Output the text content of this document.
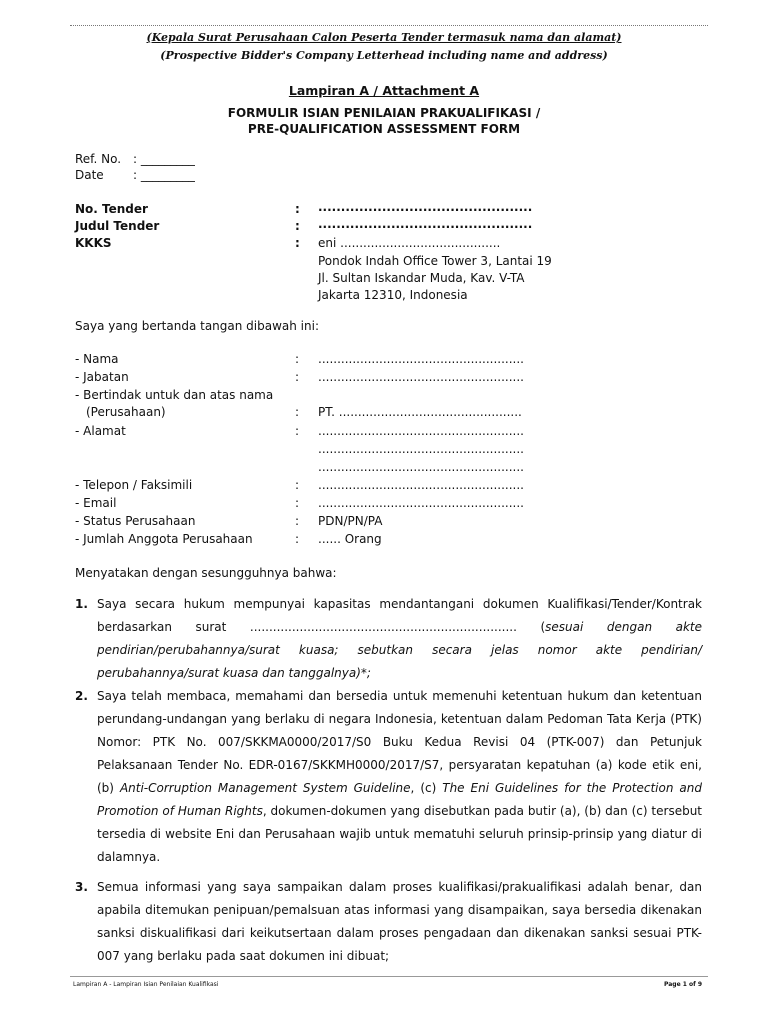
(Kepala Surat Perusahaan Calon Peserta Tender termasuk nama dan alamat)
(Prospective Bidder's Company Letterhead including name and address)
Lampiran A / Attachment A
FORMULIR ISIAN PENILAIAN PRAKUALIFIKASI /
PRE-QUALIFICATION ASSESSMENT FORM
Ref. No. : _________
Date : _________
No. Tender	: ...............................................
Judul Tender	: ...............................................
KKKS	: eni ..........................................
Pondok Indah Office Tower 3, Lantai 19
Jl. Sultan Iskandar Muda, Kav. V-TA
Jakarta 12310, Indonesia
Saya yang bertanda tangan dibawah ini:
- Nama	: ......................................................
- Jabatan	: ......................................................
- Bertindak untuk dan atas nama
(Perusahaan)	: PT. ................................................
- Alamat	: ......................................................
......................................................
......................................................
- Telepon / Faksimili	: ......................................................
- Email	: ......................................................
- Status Perusahaan	: PDN/PN/PA
- Jumlah Anggota Perusahaan	: ...... Orang
Menyatakan dengan sesungguhnya bahwa:
1. Saya secara hukum mempunyai kapasitas mendantangani dokumen Kualifikasi/Tender/Kontrak berdasarkan surat ...................................................................... (sesuai dengan akte pendirian/perubahannya/surat kuasa; sebutkan secara jelas nomor akte pendirian/ perubahannya/surat kuasa dan tanggalnya)*;
2. Saya telah membaca, memahami dan bersedia untuk memenuhi ketentuan hukum dan ketentuan perundang-undangan yang berlaku di negara Indonesia, ketentuan dalam Pedoman Tata Kerja (PTK) Nomor: PTK No. 007/SKKMA0000/2017/S0 Buku Kedua Revisi 04 (PTK-007) dan Petunjuk Pelaksanaan Tender No. EDR-0167/SKKMH0000/2017/S7, persyaratan kepatuhan (a) kode etik eni, (b) Anti-Corruption Management System Guideline, (c) The Eni Guidelines for the Protection and Promotion of Human Rights, dokumen-dokumen yang disebutkan pada butir (a), (b) dan (c) tersebut tersedia di website Eni dan Perusahaan wajib untuk mematuhi seluruh prinsip-prinsip yang diatur di dalamnya.
3. Semua informasi yang saya sampaikan dalam proses kualifikasi/prakualifikasi adalah benar, dan apabila ditemukan penipuan/pemalsuan atas informasi yang disampaikan, saya bersedia dikenakan sanksi diskualifikasi dari keikutsertaan dalam proses pengadaan dan dikenakan sanksi sesuai PTK-007 yang berlaku pada saat dokumen ini dibuat;
Lampiran A - Lampiran Isian Penilaian Kualifikasi	Page 1 of 9
